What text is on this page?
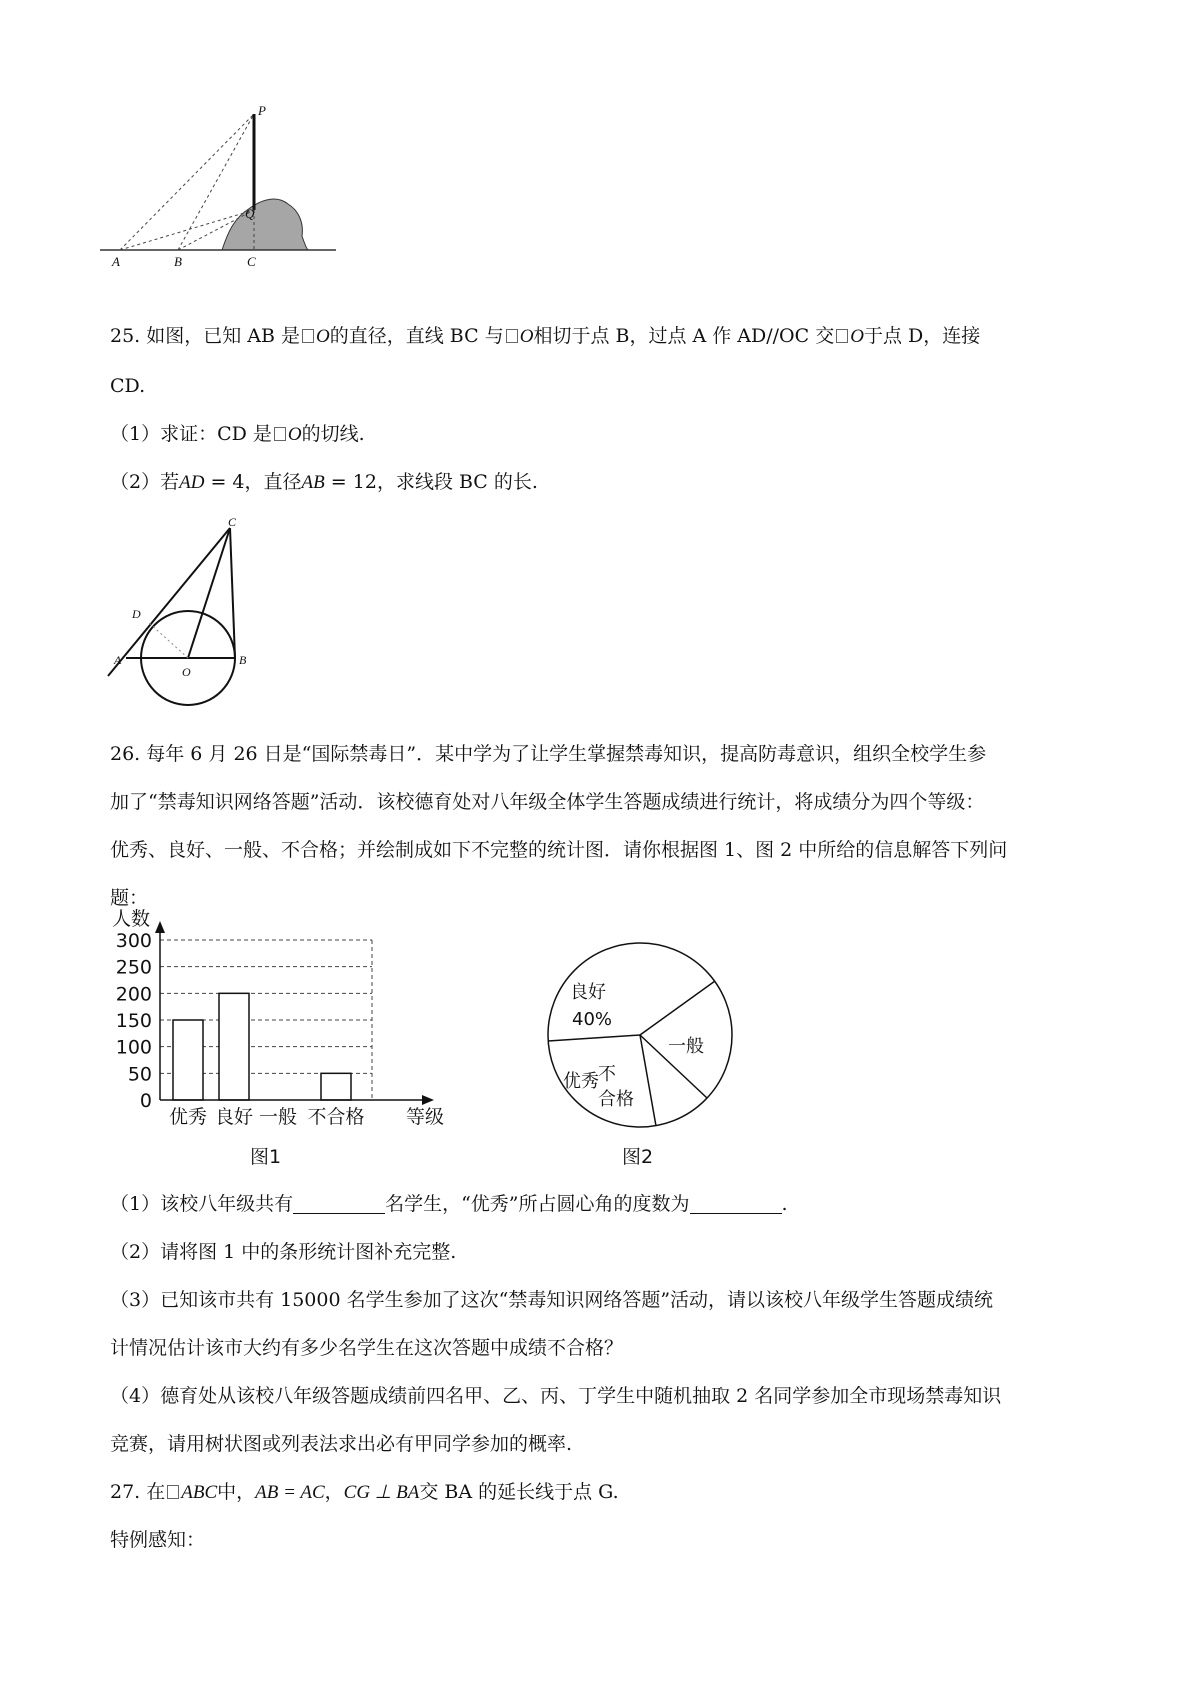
P
Q
A	B	C
25. 如图，已知 AB 是 O的直径，直线 BC 与 O相切于点 B，过点 A 作 AD//OC 交 O于点 D，连接
CD.
（1）求证：CD 是 O的切线.
（2）若AD = 4，直径AB = 12，求线段 BC 的长.
C
D
A
O
B
26. 每年 6 月 26 日是“国际禁毒日”．某中学为了让学生掌握禁毒知识，提高防毒意识，组织全校学生参
加了“禁毒知识网络答题”活动．该校德育处对八年级全体学生答题成绩进行统计，将成绩分为四个等级：
优秀、良好、一般、不合格；并绘制成如下不完整的统计图．请你根据图 1、图 2 中所给的信息解答下列问
题：
0
50
100
150
200
250
300
优秀 良好 一般 不合格
人数
等级
图1
良好
40%
一般
优秀 不合格
图2
（1）该校八年级共有	名学生，“优秀”所占圆心角的度数为	.
（2）请将图 1 中的条形统计图补充完整.
（3）已知该市共有 15000 名学生参加了这次“禁毒知识网络答题”活动，请以该校八年级学生答题成绩统
计情况估计该市大约有多少名学生在这次答题中成绩不合格？
（4）德育处从该校八年级答题成绩前四名甲、乙、丙、丁学生中随机抽取 2 名同学参加全市现场禁毒知识
竞赛，请用树状图或列表法求出必有甲同学参加的概率.
27. 在 ABC中，AB = AC，CG ⊥ BA交 BA 的延长线于点 G.
特例感知：
